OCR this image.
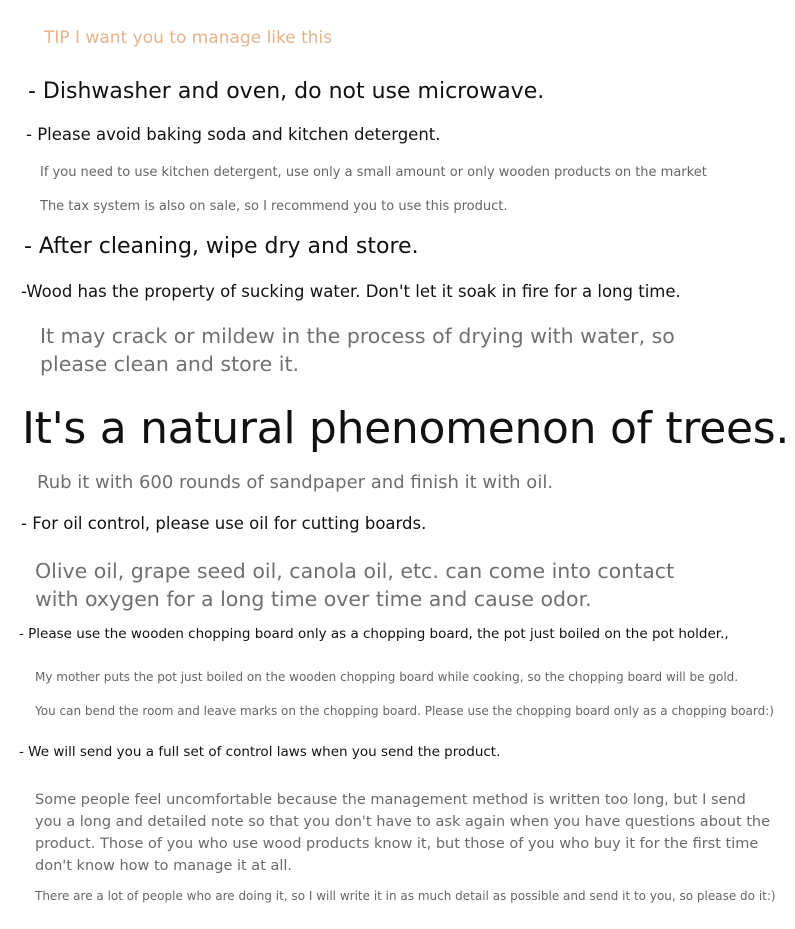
TIP I want you to manage like this
- Dishwasher and oven, do not use microwave.
- Please avoid baking soda and kitchen detergent.
If you need to use kitchen detergent, use only a small amount or only wooden products on the market
The tax system is also on sale, so I recommend you to use this product.
- After cleaning, wipe dry and store.
-Wood has the property of sucking water. Don't let it soak in fire for a long time.
It may crack or mildew in the process of drying with water, so please clean and store it.
It's a natural phenomenon of trees.
Rub it with 600 rounds of sandpaper and finish it with oil.
- For oil control, please use oil for cutting boards.
Olive oil, grape seed oil, canola oil, etc. can come into contact with oxygen for a long time over time and cause odor.
- Please use the wooden chopping board only as a chopping board, the pot just boiled on the pot holder.,
My mother puts the pot just boiled on the wooden chopping board while cooking, so the chopping board will be gold.
You can bend the room and leave marks on the chopping board. Please use the chopping board only as a chopping board:)
- We will send you a full set of control laws when you send the product.
Some people feel uncomfortable because the management method is written too long, but I send you a long and detailed note so that you don't have to ask again when you have questions about the product. Those of you who use wood products know it, but those of you who buy it for the first time don't know how to manage it at all.
There are a lot of people who are doing it, so I will write it in as much detail as possible and send it to you, so please do it:)
